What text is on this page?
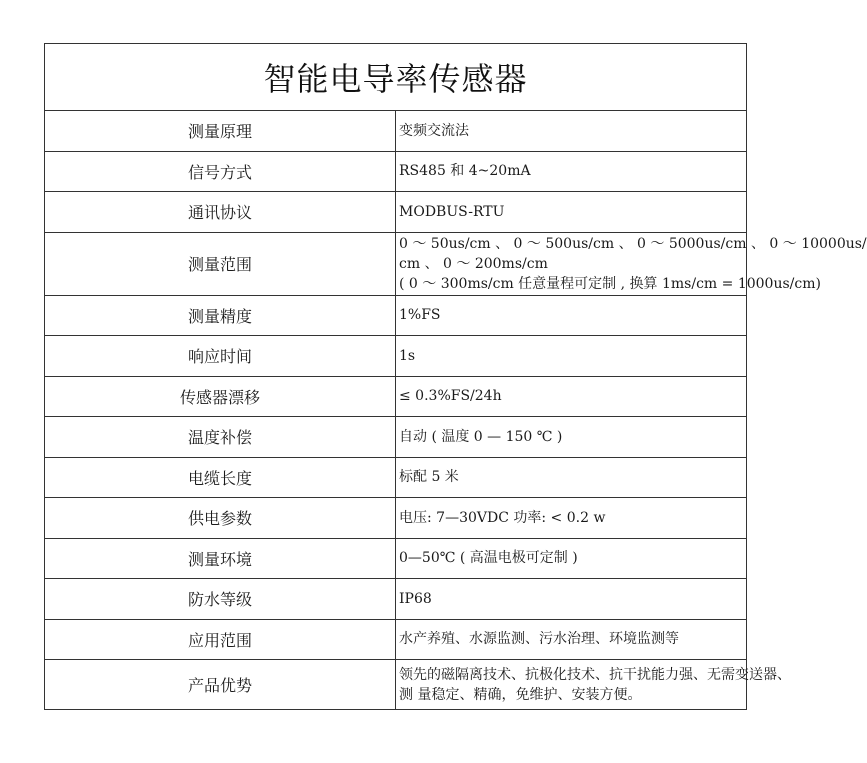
智能电导率传感器	
测量原理	变频交流法

信号方式	RS485 和 4~20mA

通讯协议	MODBUS-RTU

测量范围	0 ～ 50us/cm 、 0 ～ 500us/cm 、 0 ～ 5000us/cm 、 0 ～ 10000us/
cm 、 0 ～ 200ms/cm
( 0 ～ 300ms/cm 任意量程可定制 , 换算 1ms/cm = 1000us/cm)

测量精度	1%FS

响应时间	1s

传感器漂移	≤ 0.3%FS/24h

温度补偿	自动 ( 温度 0 — 150 ℃ )

电缆长度	标配 5 米

供电参数	电压: 7—30VDC 功率: < 0.2 w

测量环境	0—50℃ ( 高温电极可定制 )

防水等级	IP68

应用范围	水产养殖、水源监测、污水治理、环境监测等

产品优势	领先的磁隔离技术、抗极化技术、抗干扰能力强、无需变送器、
测 量稳定、精确，免维护、安装方便。
